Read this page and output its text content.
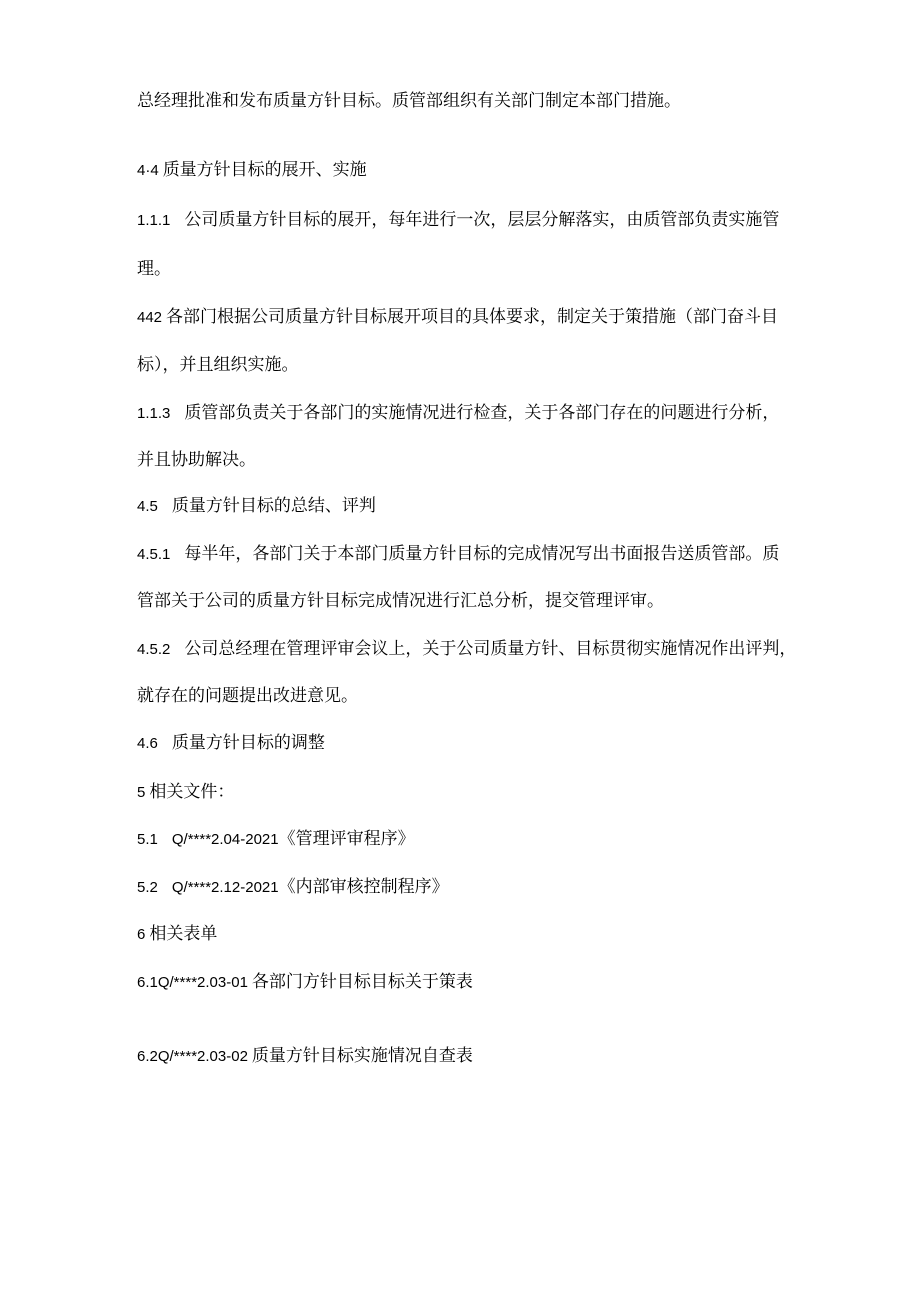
总经理批准和发布质量方针目标。质管部组织有关部门制定本部门措施。
4·4 质量方针目标的展开、实施
1.1.1 公司质量方针目标的展开，每年进行一次，层层分解落实，由质管部负责实施管
理。
442 各部门根据公司质量方针目标展开项目的具体要求，制定关于策措施（部门奋斗目
标），并且组织实施。
1.1.3 质管部负责关于各部门的实施情况进行检查，关于各部门存在的问题进行分析，
并且协助解决。
4.5 质量方针目标的总结、评判
4.5.1 每半年，各部门关于本部门质量方针目标的完成情况写出书面报告送质管部。质
管部关于公司的质量方针目标完成情况进行汇总分析，提交管理评审。
4.5.2 公司总经理在管理评审会议上，关于公司质量方针、目标贯彻实施情况作出评判，
就存在的问题提出改进意见。
4.6 质量方针目标的调整
5 相关文件：
5.1 Q/****2.04-2021《管理评审程序》
5.2 Q/****2.12-2021《内部审核控制程序》
6 相关表单
6.1Q/****2.03-01 各部门方针目标目标关于策表
6.2Q/****2.03-02 质量方针目标实施情况自查表
